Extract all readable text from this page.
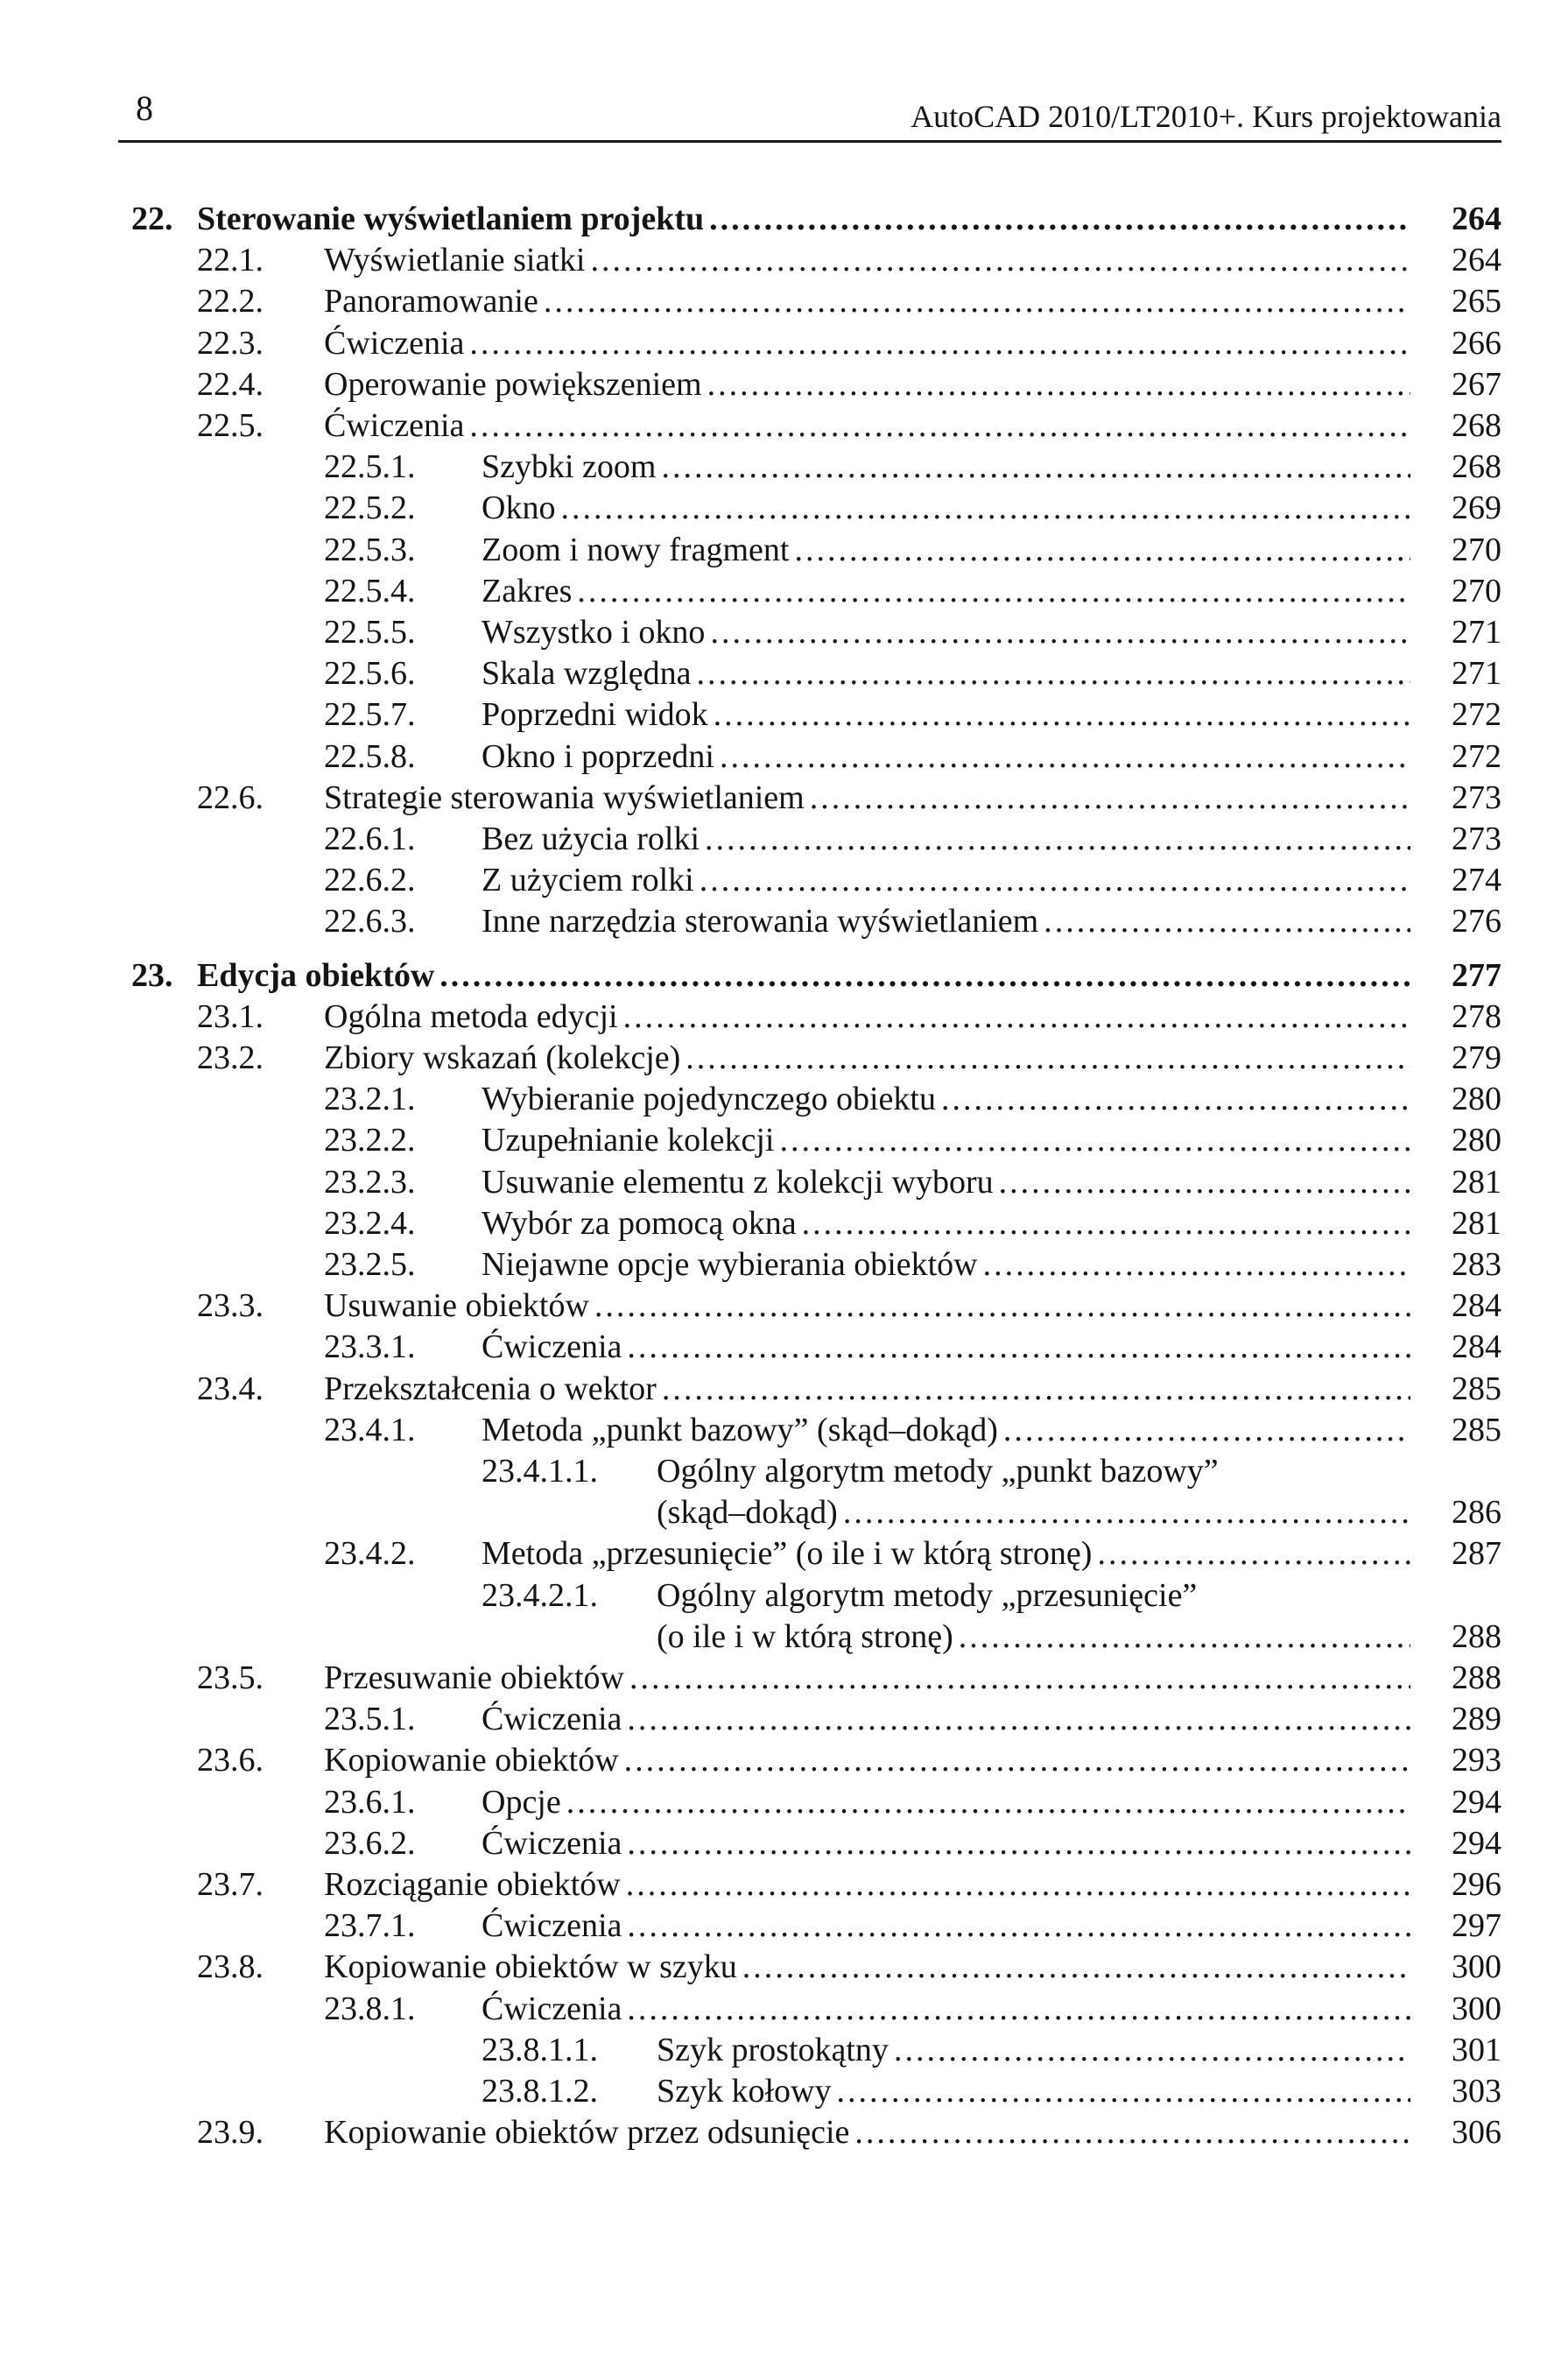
8	AutoCAD 2010/LT2010+. Kurs projektowania
22. Sterowanie wyświetlaniem projektu	264
.....
22.1. Wyświetlanie siatki	264
.....
22.2. Panoramowanie	265
.....
22.3. Ćwiczenia	266
.....
22.4. Operowanie powiększeniem	267
.....
22.5. Ćwiczenia	268
.....
22.5.1. Szybki zoom	268
.....
22.5.2. Okno	269
.....
22.5.3. Zoom i nowy fragment	270
.....
22.5.4. Zakres	270
.....
22.5.5. Wszystko i okno	271
.....
22.5.6. Skala względna	271
.....
22.5.7. Poprzedni widok	272
.....
22.5.8. Okno i poprzedni	272
.....
22.6. Strategie sterowania wyświetlaniem	273
.....
22.6.1. Bez użycia rolki	273
.....
22.6.2. Z użyciem rolki	274
.....
22.6.3. Inne narzędzia sterowania wyświetlaniem	276
.....
23. Edycja obiektów	277
.....
23.1. Ogólna metoda edycji	278
.....
23.2. Zbiory wskazań (kolekcje)	279
.....
23.2.1. Wybieranie pojedynczego obiektu	280
.....
23.2.2. Uzupełnianie kolekcji	280
.....
23.2.3. Usuwanie elementu z kolekcji wyboru	281
.....
23.2.4. Wybór za pomocą okna	281
.....
23.2.5. Niejawne opcje wybierania obiektów	283
.....
23.3. Usuwanie obiektów	284
.....
23.3.1. Ćwiczenia	284
.....
23.4. Przekształcenia o wektor	285
.....
23.4.1. Metoda „punkt bazowy” (skąd–dokąd)	285
.....
23.4.1.1. Ogólny algorytm metody „punkt bazowy”
(skąd–dokąd)	286
.....
23.4.2. Metoda „przesunięcie” (o ile i w którą stronę)	287
.....
23.4.2.1. Ogólny algorytm metody „przesunięcie”
(o ile i w którą stronę)	288
.....
23.5. Przesuwanie obiektów	288
.....
23.5.1. Ćwiczenia	289
.....
23.6. Kopiowanie obiektów	293
.....
23.6.1. Opcje	294
.....
23.6.2. Ćwiczenia	294
.....
23.7. Rozciąganie obiektów	296
.....
23.7.1. Ćwiczenia	297
.....
23.8. Kopiowanie obiektów w szyku	300
.....
23.8.1. Ćwiczenia	300
.....
23.8.1.1. Szyk prostokątny	301
.....
23.8.1.2. Szyk kołowy	303
.....
23.9. Kopiowanie obiektów przez odsunięcie	306
.....
